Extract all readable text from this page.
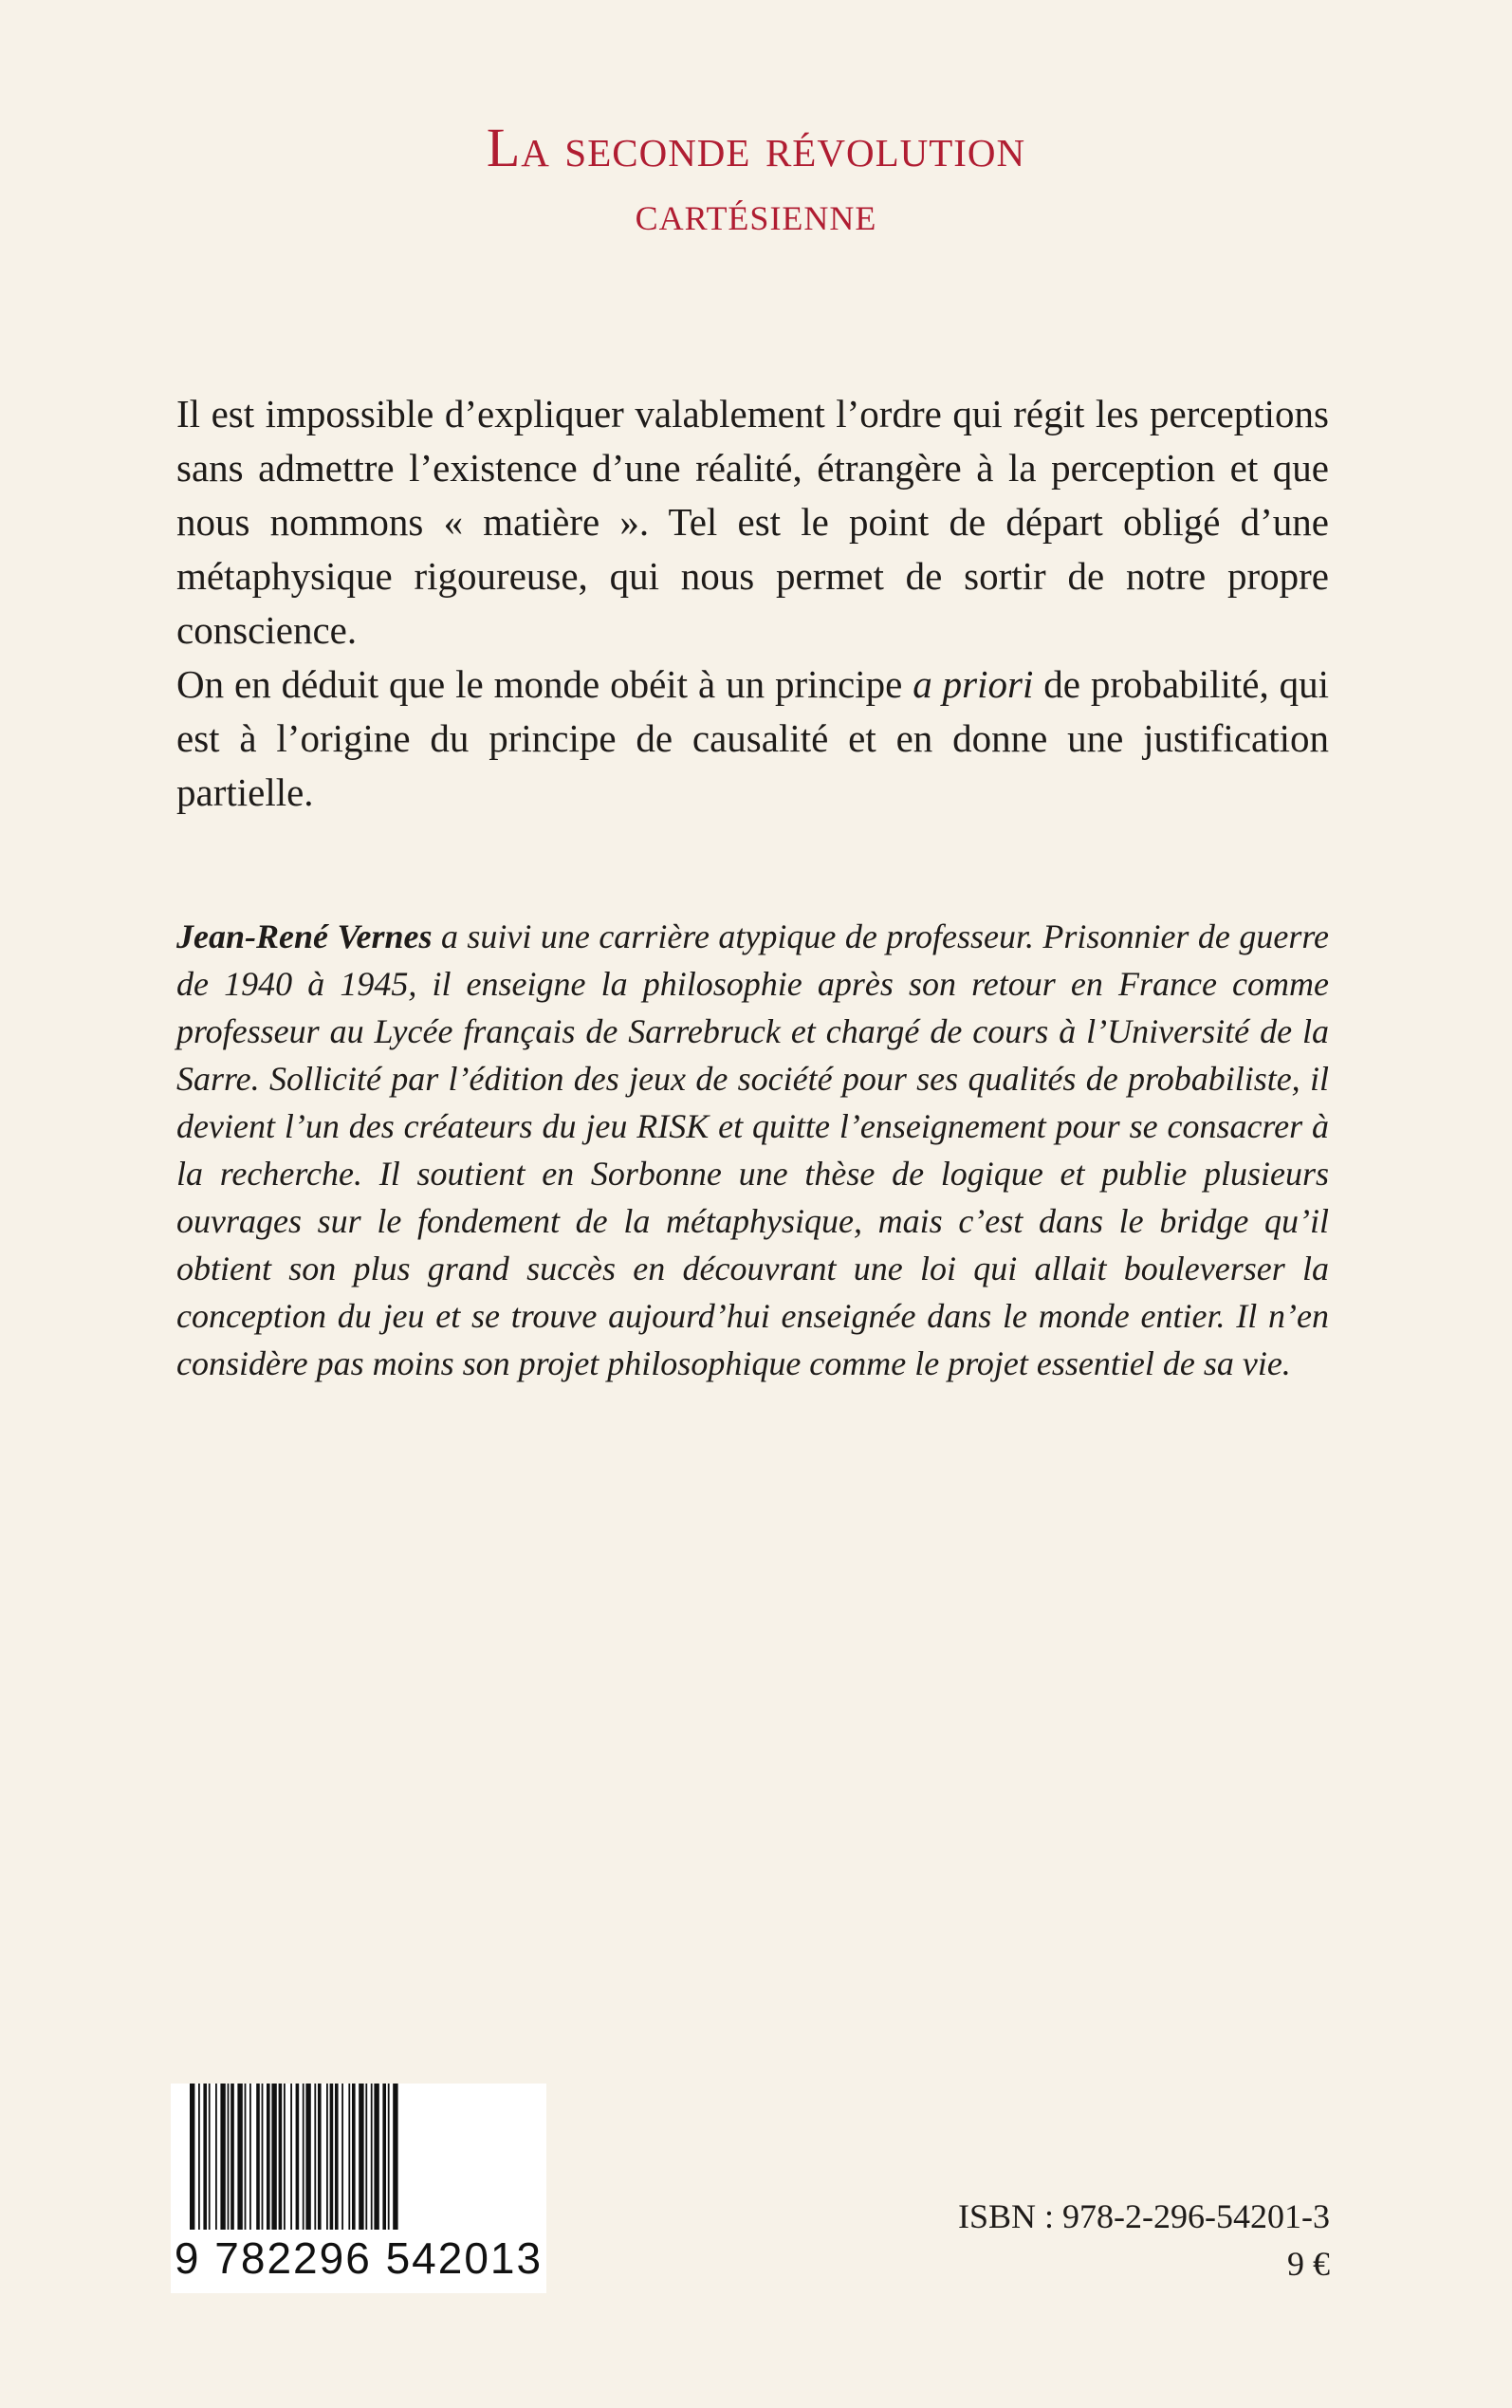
La seconde révolution
cartésienne

Il est impossible d’expliquer valablement l’ordre qui régit les perceptions sans admettre l’existence d’une réalité, étrangère à la perception et que nous nommons « matière ». Tel est le point de départ obligé d’une métaphysique rigoureuse, qui nous permet de sortir de notre propre conscience.

On en déduit que le monde obéit à un principe a priori de probabilité, qui est à l’origine du principe de causalité et en donne une justification partielle.

Jean-René Vernes a suivi une carrière atypique de professeur. Prisonnier de guerre de 1940 à 1945, il enseigne la philosophie après son retour en France comme professeur au Lycée français de Sarrebruck et chargé de cours à l’Université de la Sarre. Sollicité par l’édition des jeux de société pour ses qualités de probabiliste, il devient l’un des créateurs du jeu RISK et quitte l’enseignement pour se consacrer à la recherche. Il soutient en Sorbonne une thèse de logique et publie plusieurs ouvrages sur le fondement de la métaphysique, mais c’est dans le bridge qu’il obtient son plus grand succès en découvrant une loi qui allait bouleverser la conception du jeu et se trouve aujourd’hui enseignée dans le monde entier. Il n’en considère pas moins son projet philosophique comme le projet essentiel de sa vie.
9 782296 542013
ISBN : 978-2-296-54201-3
9 €
